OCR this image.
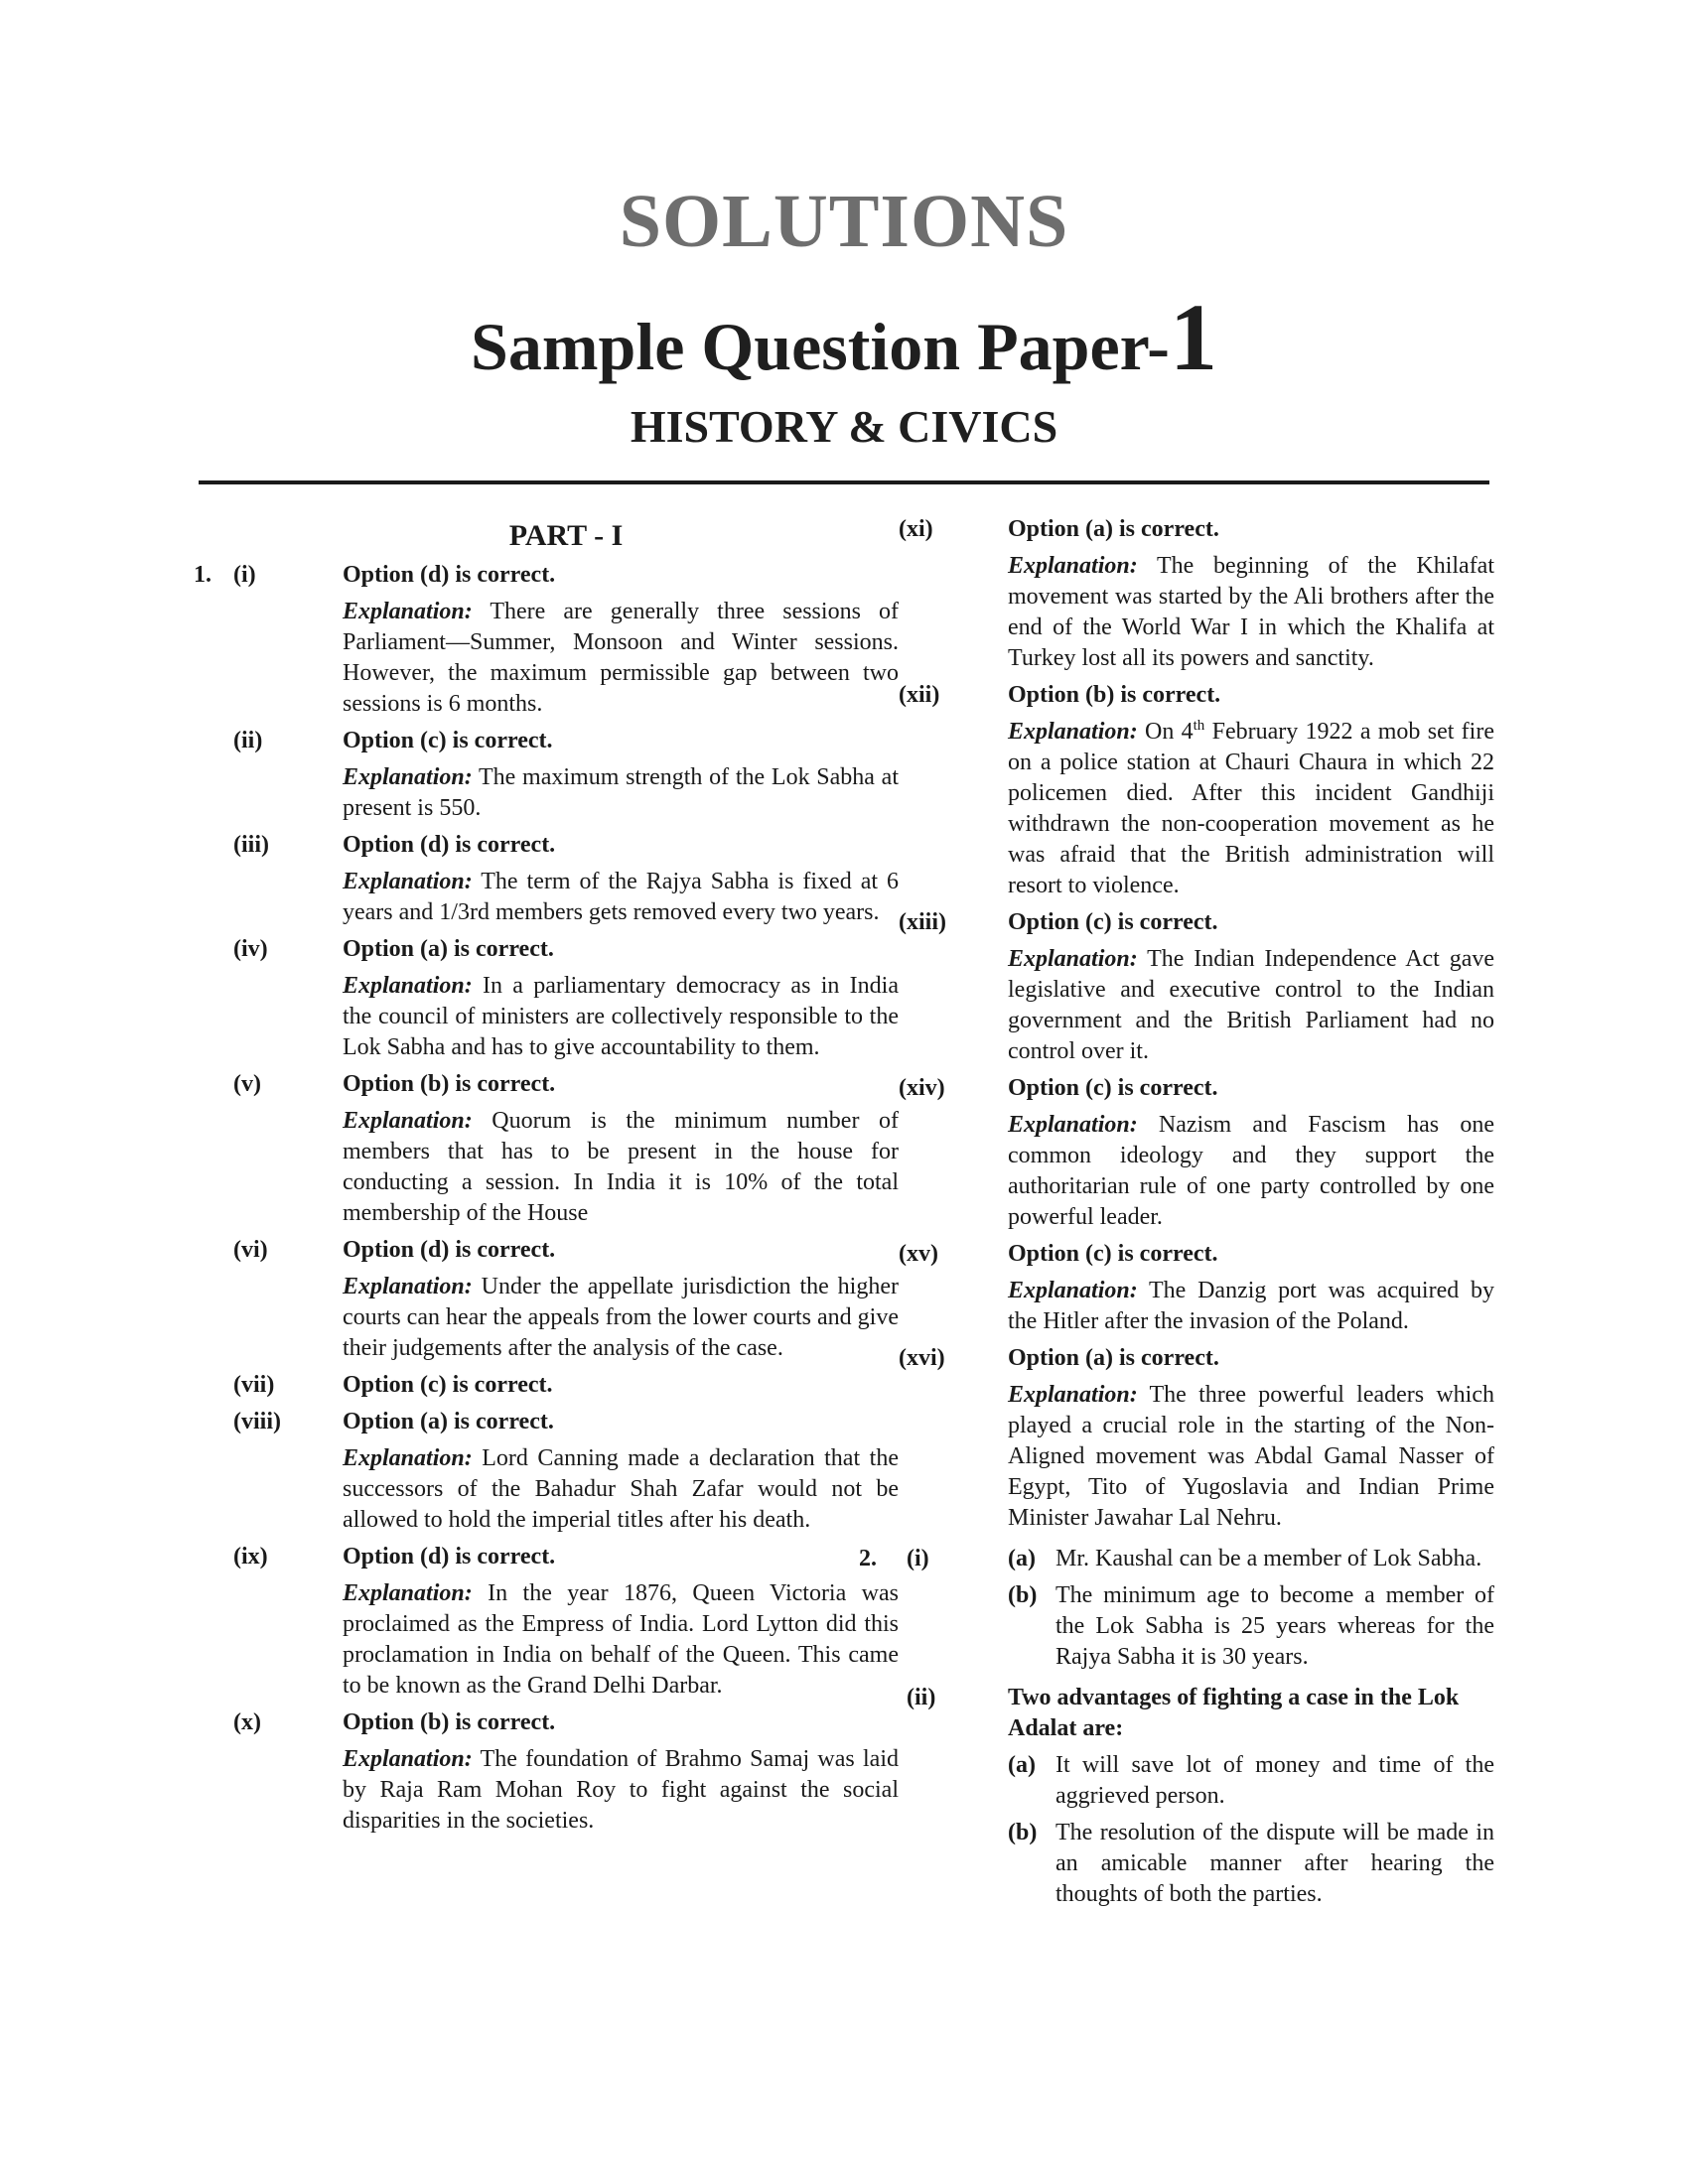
SOLUTIONS
Sample Question Paper-1
HISTORY & CIVICS
PART - I
1. (i)	Option (d) is correct.
Explanation: There are generally three sessions of Parliament—Summer, Monsoon and Winter sessions. However, the maximum permissible gap between two sessions is 6 months.
(ii)	Option (c) is correct.
Explanation: The maximum strength of the Lok Sabha at present is 550.
(iii)	Option (d) is correct.
Explanation: The term of the Rajya Sabha is fixed at 6 years and 1/3rd members gets removed every two years.
(iv)	Option (a) is correct.
Explanation: In a parliamentary democracy as in India the council of ministers are collectively responsible to the Lok Sabha and has to give accountability to them.
(v)	Option (b) is correct.
Explanation: Quorum is the minimum number of members that has to be present in the house for conducting a session. In India it is 10% of the total membership of the House
(vi)	Option (d) is correct.
Explanation: Under the appellate jurisdiction the higher courts can hear the appeals from the lower courts and give their judgements after the analysis of the case.
(vii)	Option (c) is correct.
(viii)	Option (a) is correct.
Explanation: Lord Canning made a declaration that the successors of the Bahadur Shah Zafar would not be allowed to hold the imperial titles after his death.
(ix)	Option (d) is correct.
Explanation: In the year 1876, Queen Victoria was proclaimed as the Empress of India. Lord Lytton did this proclamation in India on behalf of the Queen. This came to be known as the Grand Delhi Darbar.
(x)	Option (b) is correct.
Explanation: The foundation of Brahmo Samaj was laid by Raja Ram Mohan Roy to fight against the social disparities in the societies.
(xi)	Option (a) is correct.
Explanation: The beginning of the Khilafat movement was started by the Ali brothers after the end of the World War I in which the Khalifa at Turkey lost all its powers and sanctity.
(xii)	Option (b) is correct.
Explanation: On 4th February 1922 a mob set fire on a police station at Chauri Chaura in which 22 policemen died. After this incident Gandhiji withdrawn the non-cooperation movement as he was afraid that the British administration will resort to violence.
(xiii)	Option (c) is correct.
Explanation: The Indian Independence Act gave legislative and executive control to the Indian government and the British Parliament had no control over it.
(xiv)	Option (c) is correct.
Explanation: Nazism and Fascism has one common ideology and they support the authoritarian rule of one party controlled by one powerful leader.
(xv)	Option (c) is correct.
Explanation: The Danzig port was acquired by the Hitler after the invasion of the Poland.
(xvi)	Option (a) is correct.
Explanation: The three powerful leaders which played a crucial role in the starting of the Non-Aligned movement was Abdal Gamal Nasser of Egypt, Tito of Yugoslavia and Indian Prime Minister Jawahar Lal Nehru.
2. (i)	(a) Mr. Kaushal can be a member of Lok Sabha.
(b) The minimum age to become a member of the Lok Sabha is 25 years whereas for the Rajya Sabha it is 30 years.
(ii)	Two advantages of fighting a case in the Lok Adalat are:
(a) It will save lot of money and time of the aggrieved person.
(b) The resolution of the dispute will be made in an amicable manner after hearing the thoughts of both the parties.
